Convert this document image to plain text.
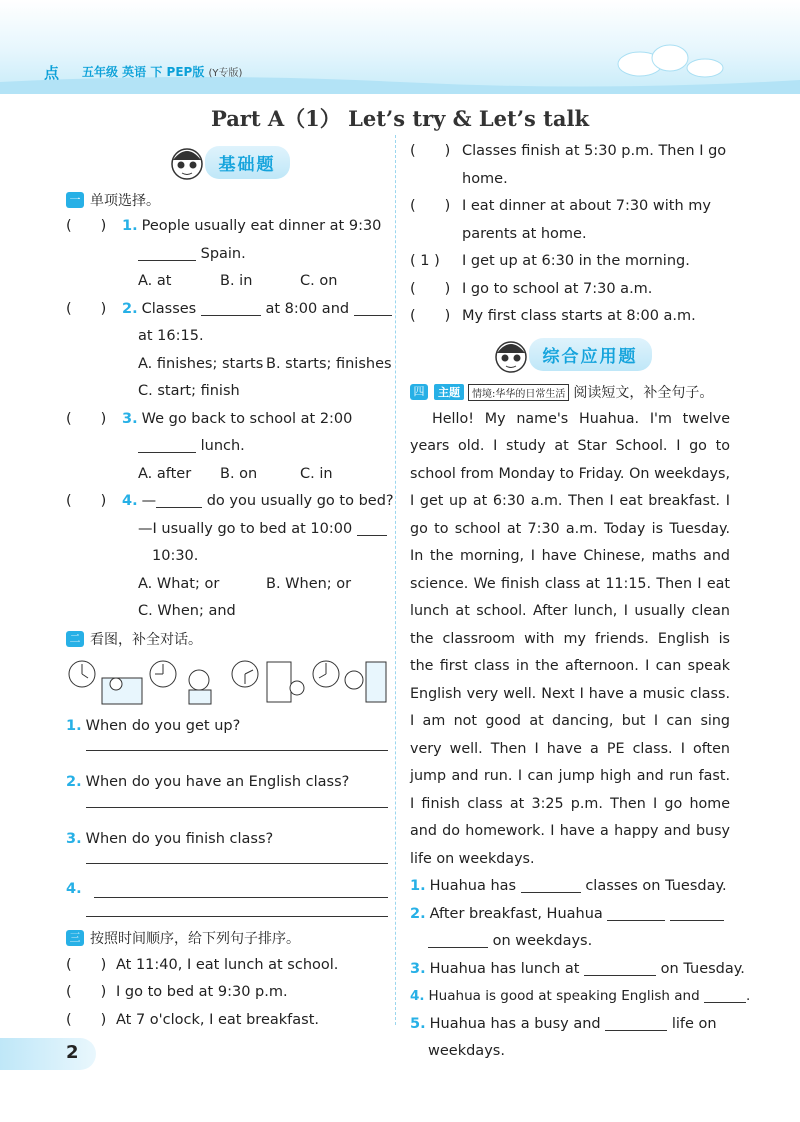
点 五年级 英语 下 PEP版 (Y专版)
Part A（1） Let’s try & Let’s talk
基础题
一 单项选择。
(　　) 1. People usually eat dinner at 9:30
Spain.
A. at	B. in	C. on
(　　) 2. Classes	at 8:00 and
at 16:15.
A. finishes; starts B. starts; finishes
C. start; finish
(　　) 3. We go back to school at 2:00
lunch.
A. after B. on	C. in
(　　) 4. —	do you usually go to bed?
—I usually go to bed at 10:00
10:30.
A. What; or	B. When; or
C. When; and
二 看图，补全对话。
1. When do you get up?
2. When do you have an English class?
3. When do you finish class?
4.
三 按照时间顺序，给下列句子排序。
(　　) At 11:40, I eat lunch at school.
(　　) I go to bed at 9:30 p.m.
(　　) At 7 o'clock, I eat breakfast.
(　　) Classes finish at 5:30 p.m. Then I go
home.
(　　) I eat dinner at about 7:30 with my
parents at home.
( 1 ) I get up at 6:30 in the morning.
(　　) I go to school at 7:30 a.m.
(　　) My first class starts at 8:00 a.m.
综合应用题
四	主题	情境:华华的日常生活 阅读短文，补全句子。

Hello! My name's Huahua. I'm twelve years old. I study at Star School. I go to school from Monday to Friday. On weekdays, I get up at 6:30 a.m. Then I eat breakfast. I go to school at 7:30 a.m. Today is Tuesday. In the morning, I have Chinese, maths and science. We finish class at 11:15. Then I eat lunch at school. After lunch, I usually clean the classroom with my friends. English is the first class in the afternoon. I can speak English very well. Next I have a music class. I am not good at dancing, but I can sing very well. Then I have a PE class. I often jump and run. I can jump high and run fast. I finish class at 3:25 p.m. Then I go home and do homework. I have a happy and busy life on weekdays.

1. Huahua has	classes on Tuesday.
2. After breakfast, Huahua
on weekdays.
3. Huahua has lunch at	on Tuesday.
4. Huahua is good at speaking English and	.
5. Huahua has a busy and	life on
weekdays.
2
